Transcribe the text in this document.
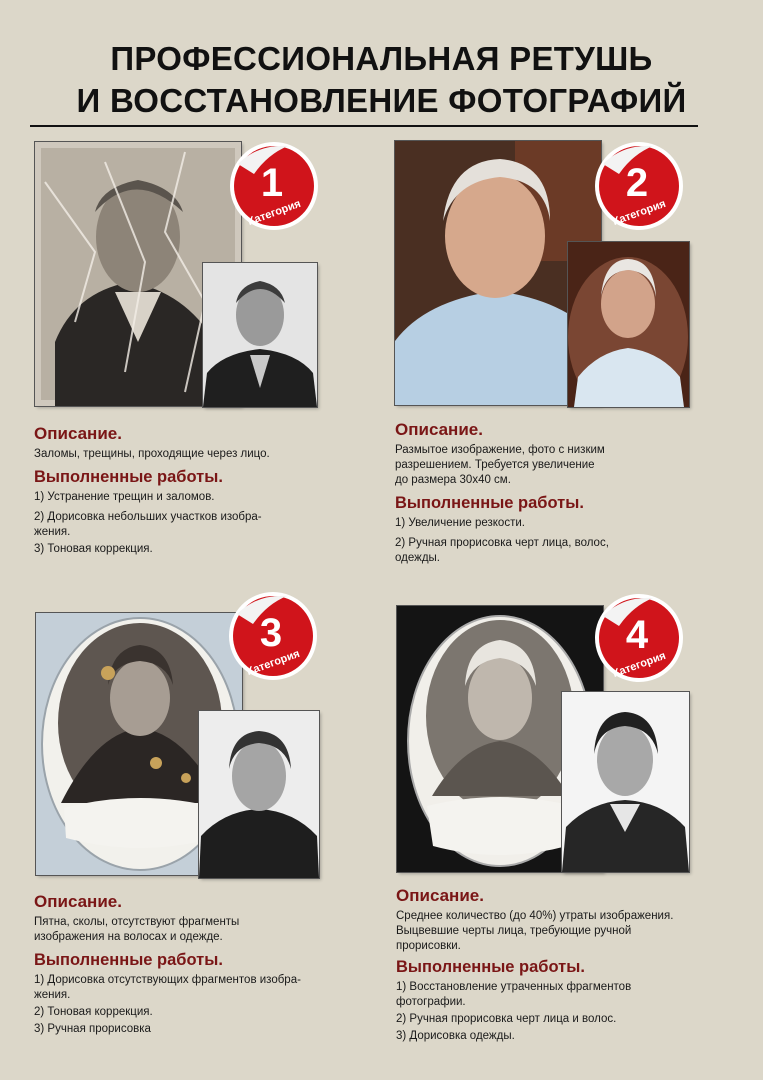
ПРОФЕССИОНАЛЬНАЯ РЕТУШЬ
И ВОССТАНОВЛЕНИЕ ФОТОГРАФИЙ
1
Категория

Описание.

Заломы, трещины, проходящие через лицо.

Выполненные работы.

1) Устранение трещин и заломов.

2) Дорисовка небольших участков изобра-

жения.

3) Тоновая коррекция.

2
Категория

Описание.

Размытое изображение, фото с низким

разрешением. Требуется увеличение

до размера 30x40 см.

Выполненные работы.

1) Увеличение резкости.

2) Ручная прорисовка черт лица, волос,

одежды.

3
Категория

Описание.

Пятна, сколы, отсутствуют фрагменты

изображения на волосах и одежде.

Выполненные работы.

1) Дорисовка отсутствующих фрагментов изобра-

жения.

2) Тоновая коррекция.

3) Ручная прорисовка

4
Категория

Описание.

Среднее количество (до 40%) утраты изображения.

Выцвевшие черты лица, требующие ручной

прорисовки.

Выполненные работы.

1) Восстановление утраченных фрагментов

фотографии.

2) Ручная прорисовка черт лица и волос.

3) Дорисовка одежды.
